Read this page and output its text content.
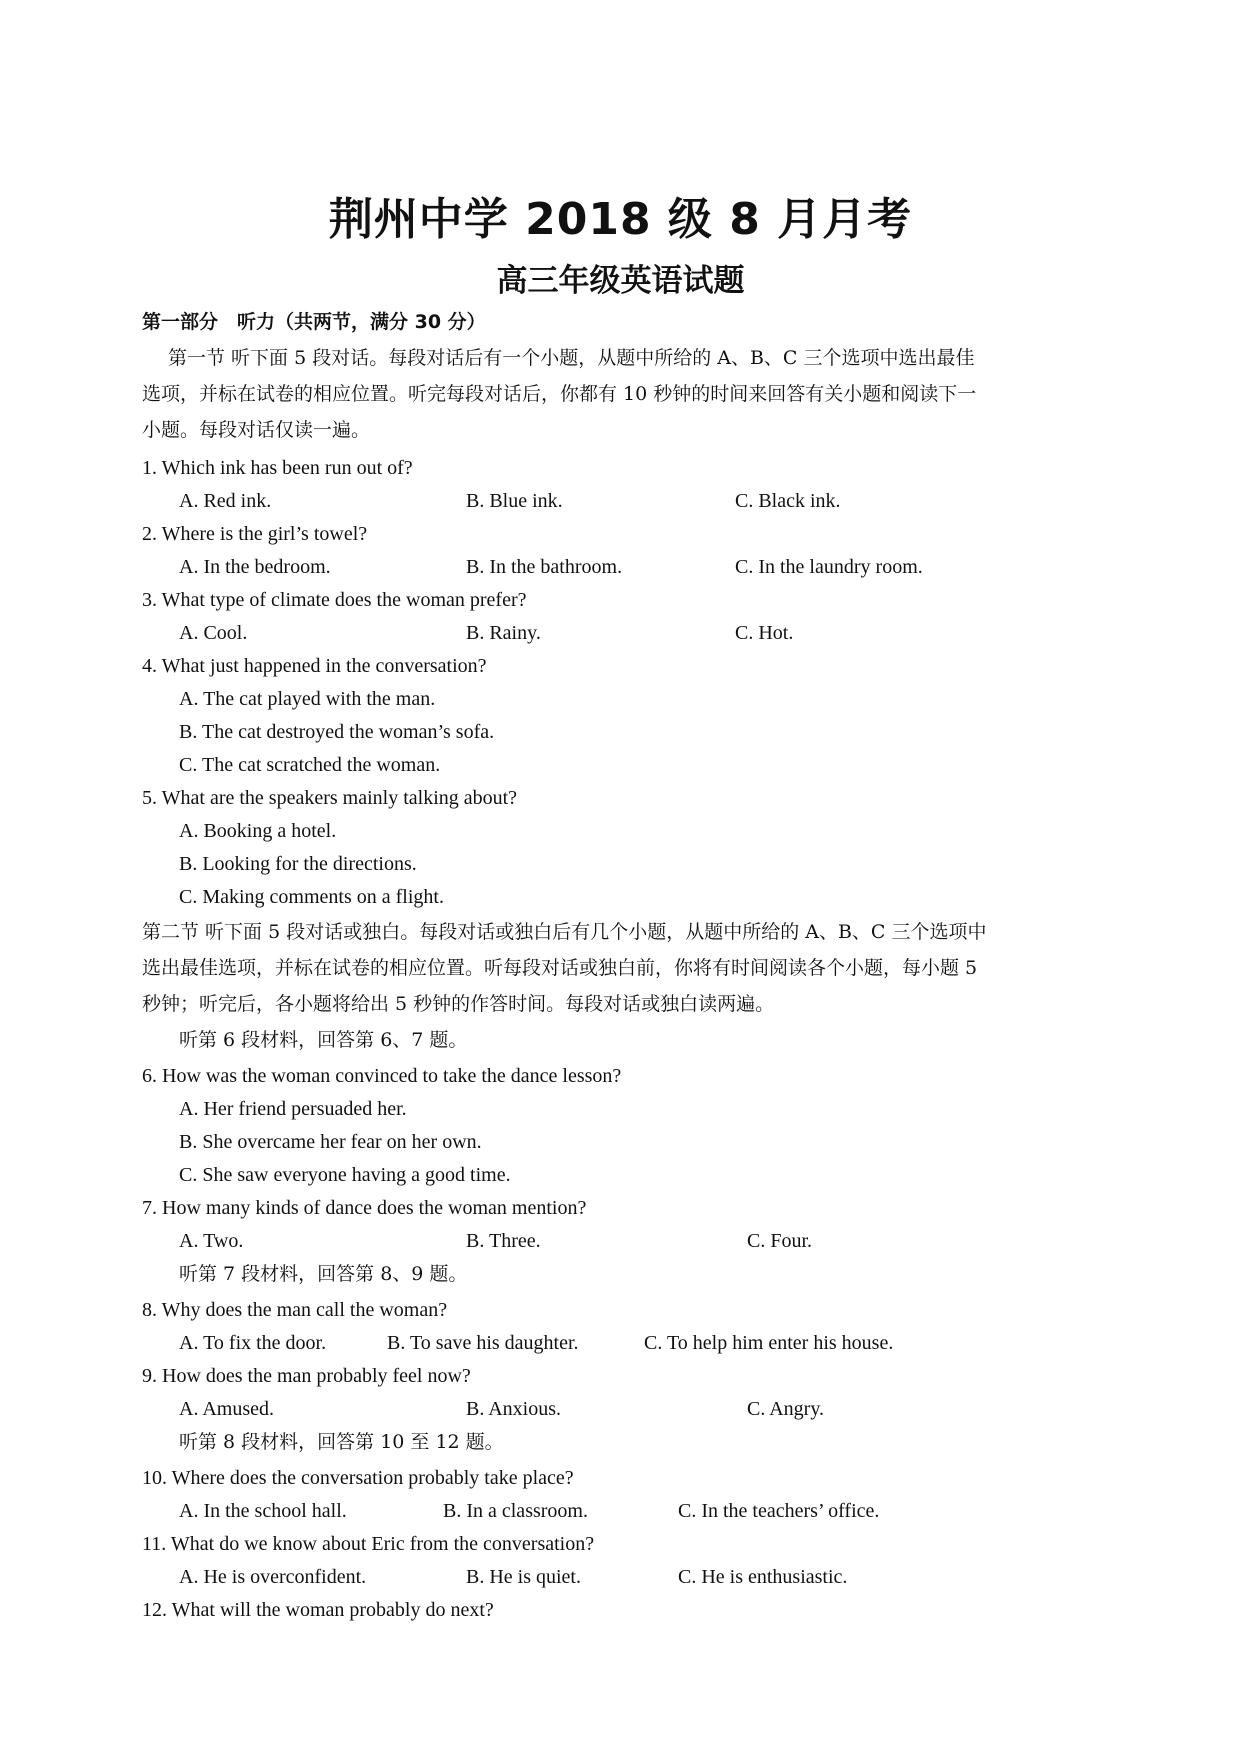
荆州中学 2018 级 8 月月考
高三年级英语试题
第一部分　听力（共两节，满分 30 分）
第一节 听下面 5 段对话。每段对话后有一个小题，从题中所给的 A、B、C 三个选项中选出最佳
选项，并标在试卷的相应位置。听完每段对话后，你都有 10 秒钟的时间来回答有关小题和阅读下一
小题。每段对话仅读一遍。
1. Which ink has been run out of?
A. Red ink.	B. Blue ink.	C. Black ink.
2. Where is the girl’s towel?
A. In the bedroom.	B. In the bathroom.	C. In the laundry room.
3. What type of climate does the woman prefer?
A. Cool.	B. Rainy.	C. Hot.
4. What just happened in the conversation?
A. The cat played with the man.
B. The cat destroyed the woman’s sofa.
C. The cat scratched the woman.
5. What are the speakers mainly talking about?
A. Booking a hotel.
B. Looking for the directions.
C. Making comments on a flight.
第二节 听下面 5 段对话或独白。每段对话或独白后有几个小题，从题中所给的 A、B、C 三个选项中
选出最佳选项，并标在试卷的相应位置。听每段对话或独白前，你将有时间阅读各个小题，每小题 5
秒钟；听完后，各小题将给出 5 秒钟的作答时间。每段对话或独白读两遍。
听第 6 段材料，回答第 6、7 题。
6. How was the woman convinced to take the dance lesson?
A. Her friend persuaded her.
B. She overcame her fear on her own.
C. She saw everyone having a good time.
7. How many kinds of dance does the woman mention?
A. Two.	B. Three.	C. Four.
听第 7 段材料，回答第 8、9 题。
8. Why does the man call the woman?
A. To fix the door.	B. To save his daughter.	C. To help him enter his house.
9. How does the man probably feel now?
A. Amused.	B. Anxious.	C. Angry.
听第 8 段材料，回答第 10 至 12 题。
10. Where does the conversation probably take place?
A. In the school hall.	B. In a classroom.	C. In the teachers’ office.
11. What do we know about Eric from the conversation?
A. He is overconfident.	B. He is quiet.	C. He is enthusiastic.
12. What will the woman probably do next?
